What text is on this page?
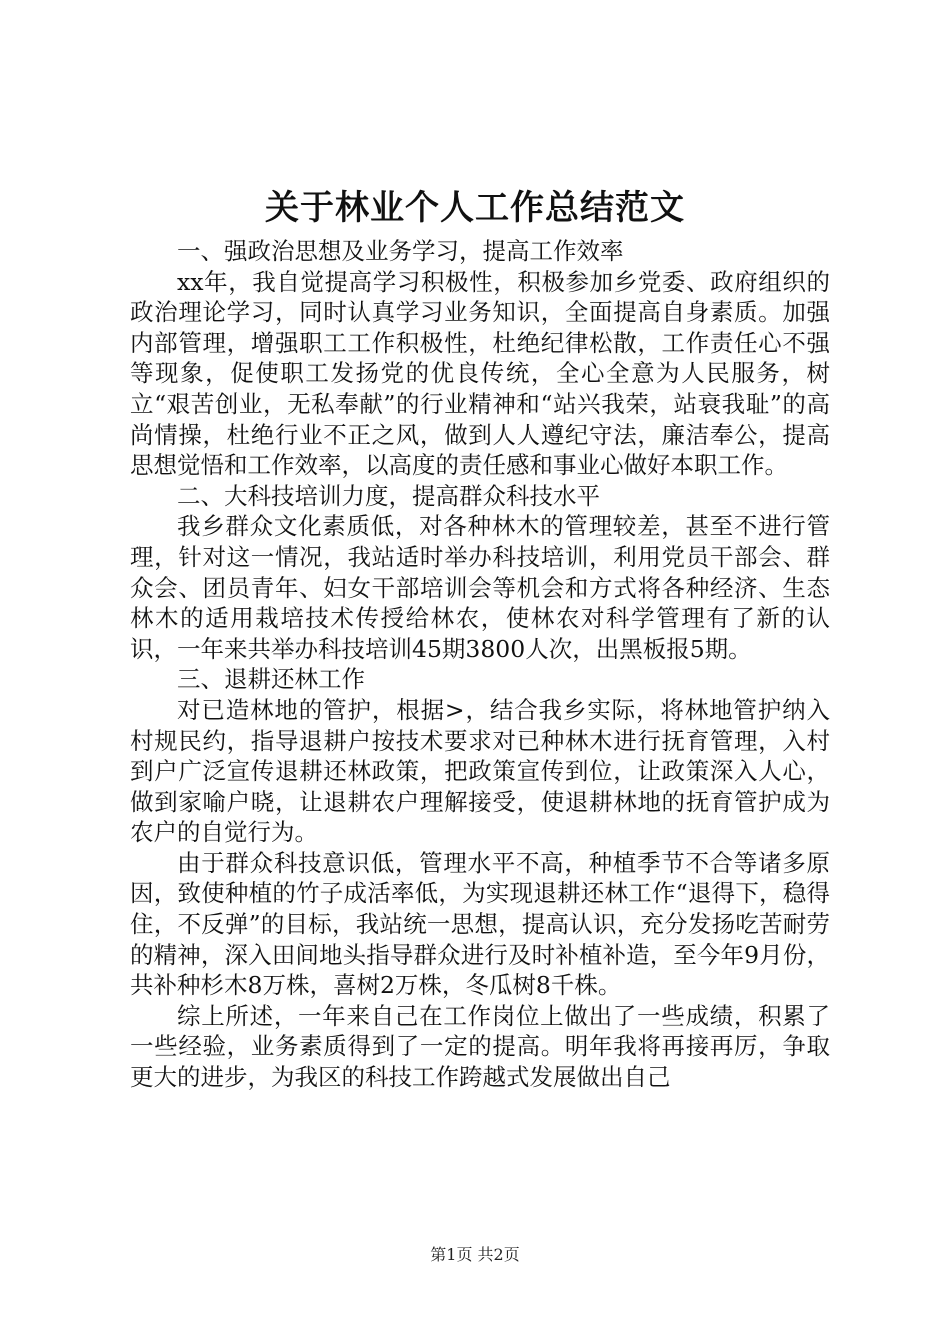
关于林业个人工作总结范文

一、强政治思想及业务学习，提高工作效率

xx年，我自觉提高学习积极性，积极参加乡党委、政府组织的政治理论学习，同时认真学习业务知识，全面提高自身素质。加强内部管理，增强职工工作积极性，杜绝纪律松散，工作责任心不强等现象，促使职工发扬党的优良传统，全心全意为人民服务，树立“艰苦创业，无私奉献”的行业精神和“站兴我荣，站衰我耻”的高尚情操，杜绝行业不正之风，做到人人遵纪守法，廉洁奉公，提高思想觉悟和工作效率，以高度的责任感和事业心做好本职工作。

二、大科技培训力度，提高群众科技水平

我乡群众文化素质低，对各种林木的管理较差，甚至不进行管理，针对这一情况，我站适时举办科技培训，利用党员干部会、群众会、团员青年、妇女干部培训会等机会和方式将各种经济、生态林木的适用栽培技术传授给林农，使林农对科学管理有了新的认识，一年来共举办科技培训45期3800人次，出黑板报5期。

三、退耕还林工作

对已造林地的管护，根据>，结合我乡实际，将林地管护纳入村规民约，指导退耕户按技术要求对已种林木进行抚育管理，入村到户广泛宣传退耕还林政策，把政策宣传到位，让政策深入人心，做到家喻户晓，让退耕农户理解接受，使退耕林地的抚育管护成为农户的自觉行为。

由于群众科技意识低，管理水平不高，种植季节不合等诸多原因，致使种植的竹子成活率低，为实现退耕还林工作“退得下，稳得住，不反弹”的目标，我站统一思想，提高认识，充分发扬吃苦耐劳的精神，深入田间地头指导群众进行及时补植补造，至今年9月份，共补种杉木8万株，喜树2万株，冬瓜树8千株。

综上所述，一年来自己在工作岗位上做出了一些成绩，积累了一些经验，业务素质得到了一定的提高。明年我将再接再厉，争取更大的进步，为我区的科技工作跨越式发展做出自己

第1页 共2页
